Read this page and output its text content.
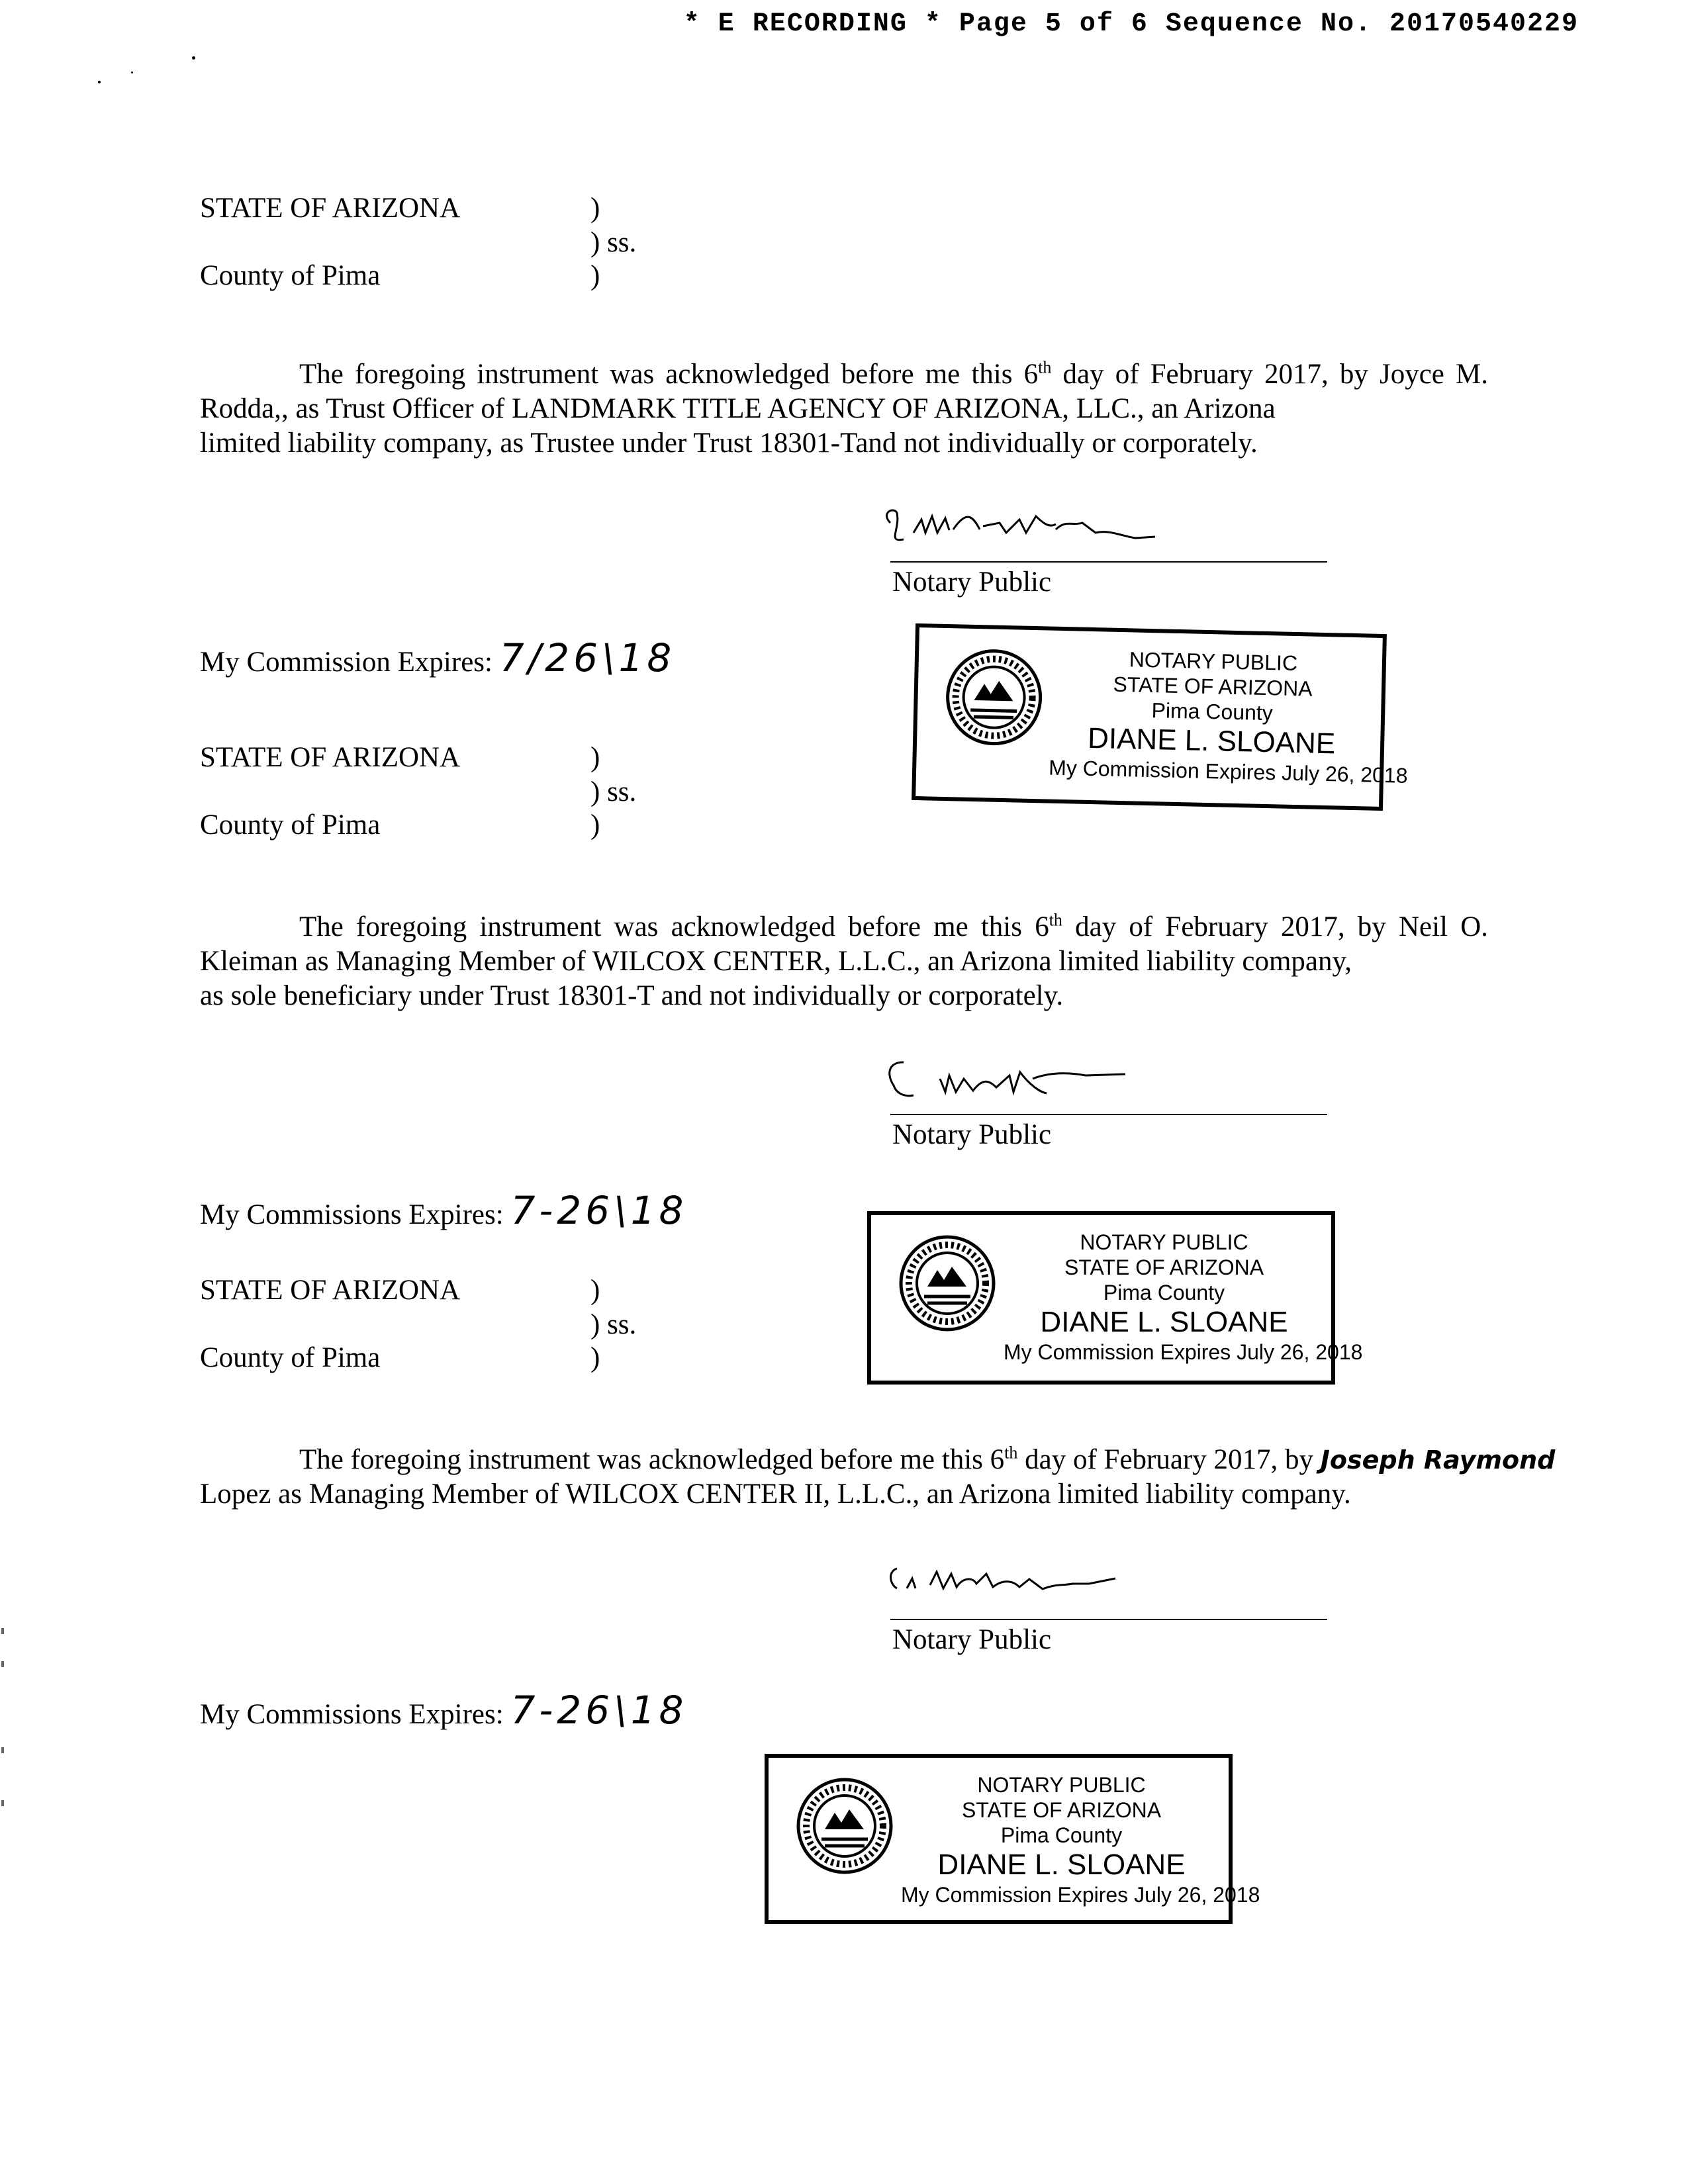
* E RECORDING * Page 5 of 6 Sequence No. 20170540229
STATE OF ARIZONA	)
) ss.
County of Pima	)
The foregoing instrument was acknowledged before me this 6th day of February 2017, by Joyce M. Rodda,, as Trust Officer of LANDMARK TITLE AGENCY OF ARIZONA, LLC., an Arizona
limited liability company, as Trustee under Trust 18301-Tand not individually or corporately.
Notary Public
My Commission Expires: 7/26\18	NOTARY PUBLIC
STATE OF ARIZONA
Pima County
DIANE L. SLOANE
My Commission Expires July 26, 2018
STATE OF ARIZONA	)
) ss.
County of Pima	)
The foregoing instrument was acknowledged before me this 6th day of February 2017, by Neil O. Kleiman as Managing Member of WILCOX CENTER, L.L.C., an Arizona limited liability company,
as sole beneficiary under Trust 18301-T and not individually or corporately.
Notary Public
My Commissions Expires: 7-26\18
NOTARY PUBLIC
STATE OF ARIZONA
Pima County
DIANE L. SLOANE
My Commission Expires July 26, 2018
STATE OF ARIZONA	)
) ss.
County of Pima	)
The foregoing instrument was acknowledged before me this 6th day of February 2017, by Joseph Raymond
Lopez as Managing Member of WILCOX CENTER II, L.L.C., an Arizona limited liability company.
Notary Public
My Commissions Expires: 7-26\18
NOTARY PUBLIC
STATE OF ARIZONA
Pima County
DIANE L. SLOANE
My Commission Expires July 26, 2018
